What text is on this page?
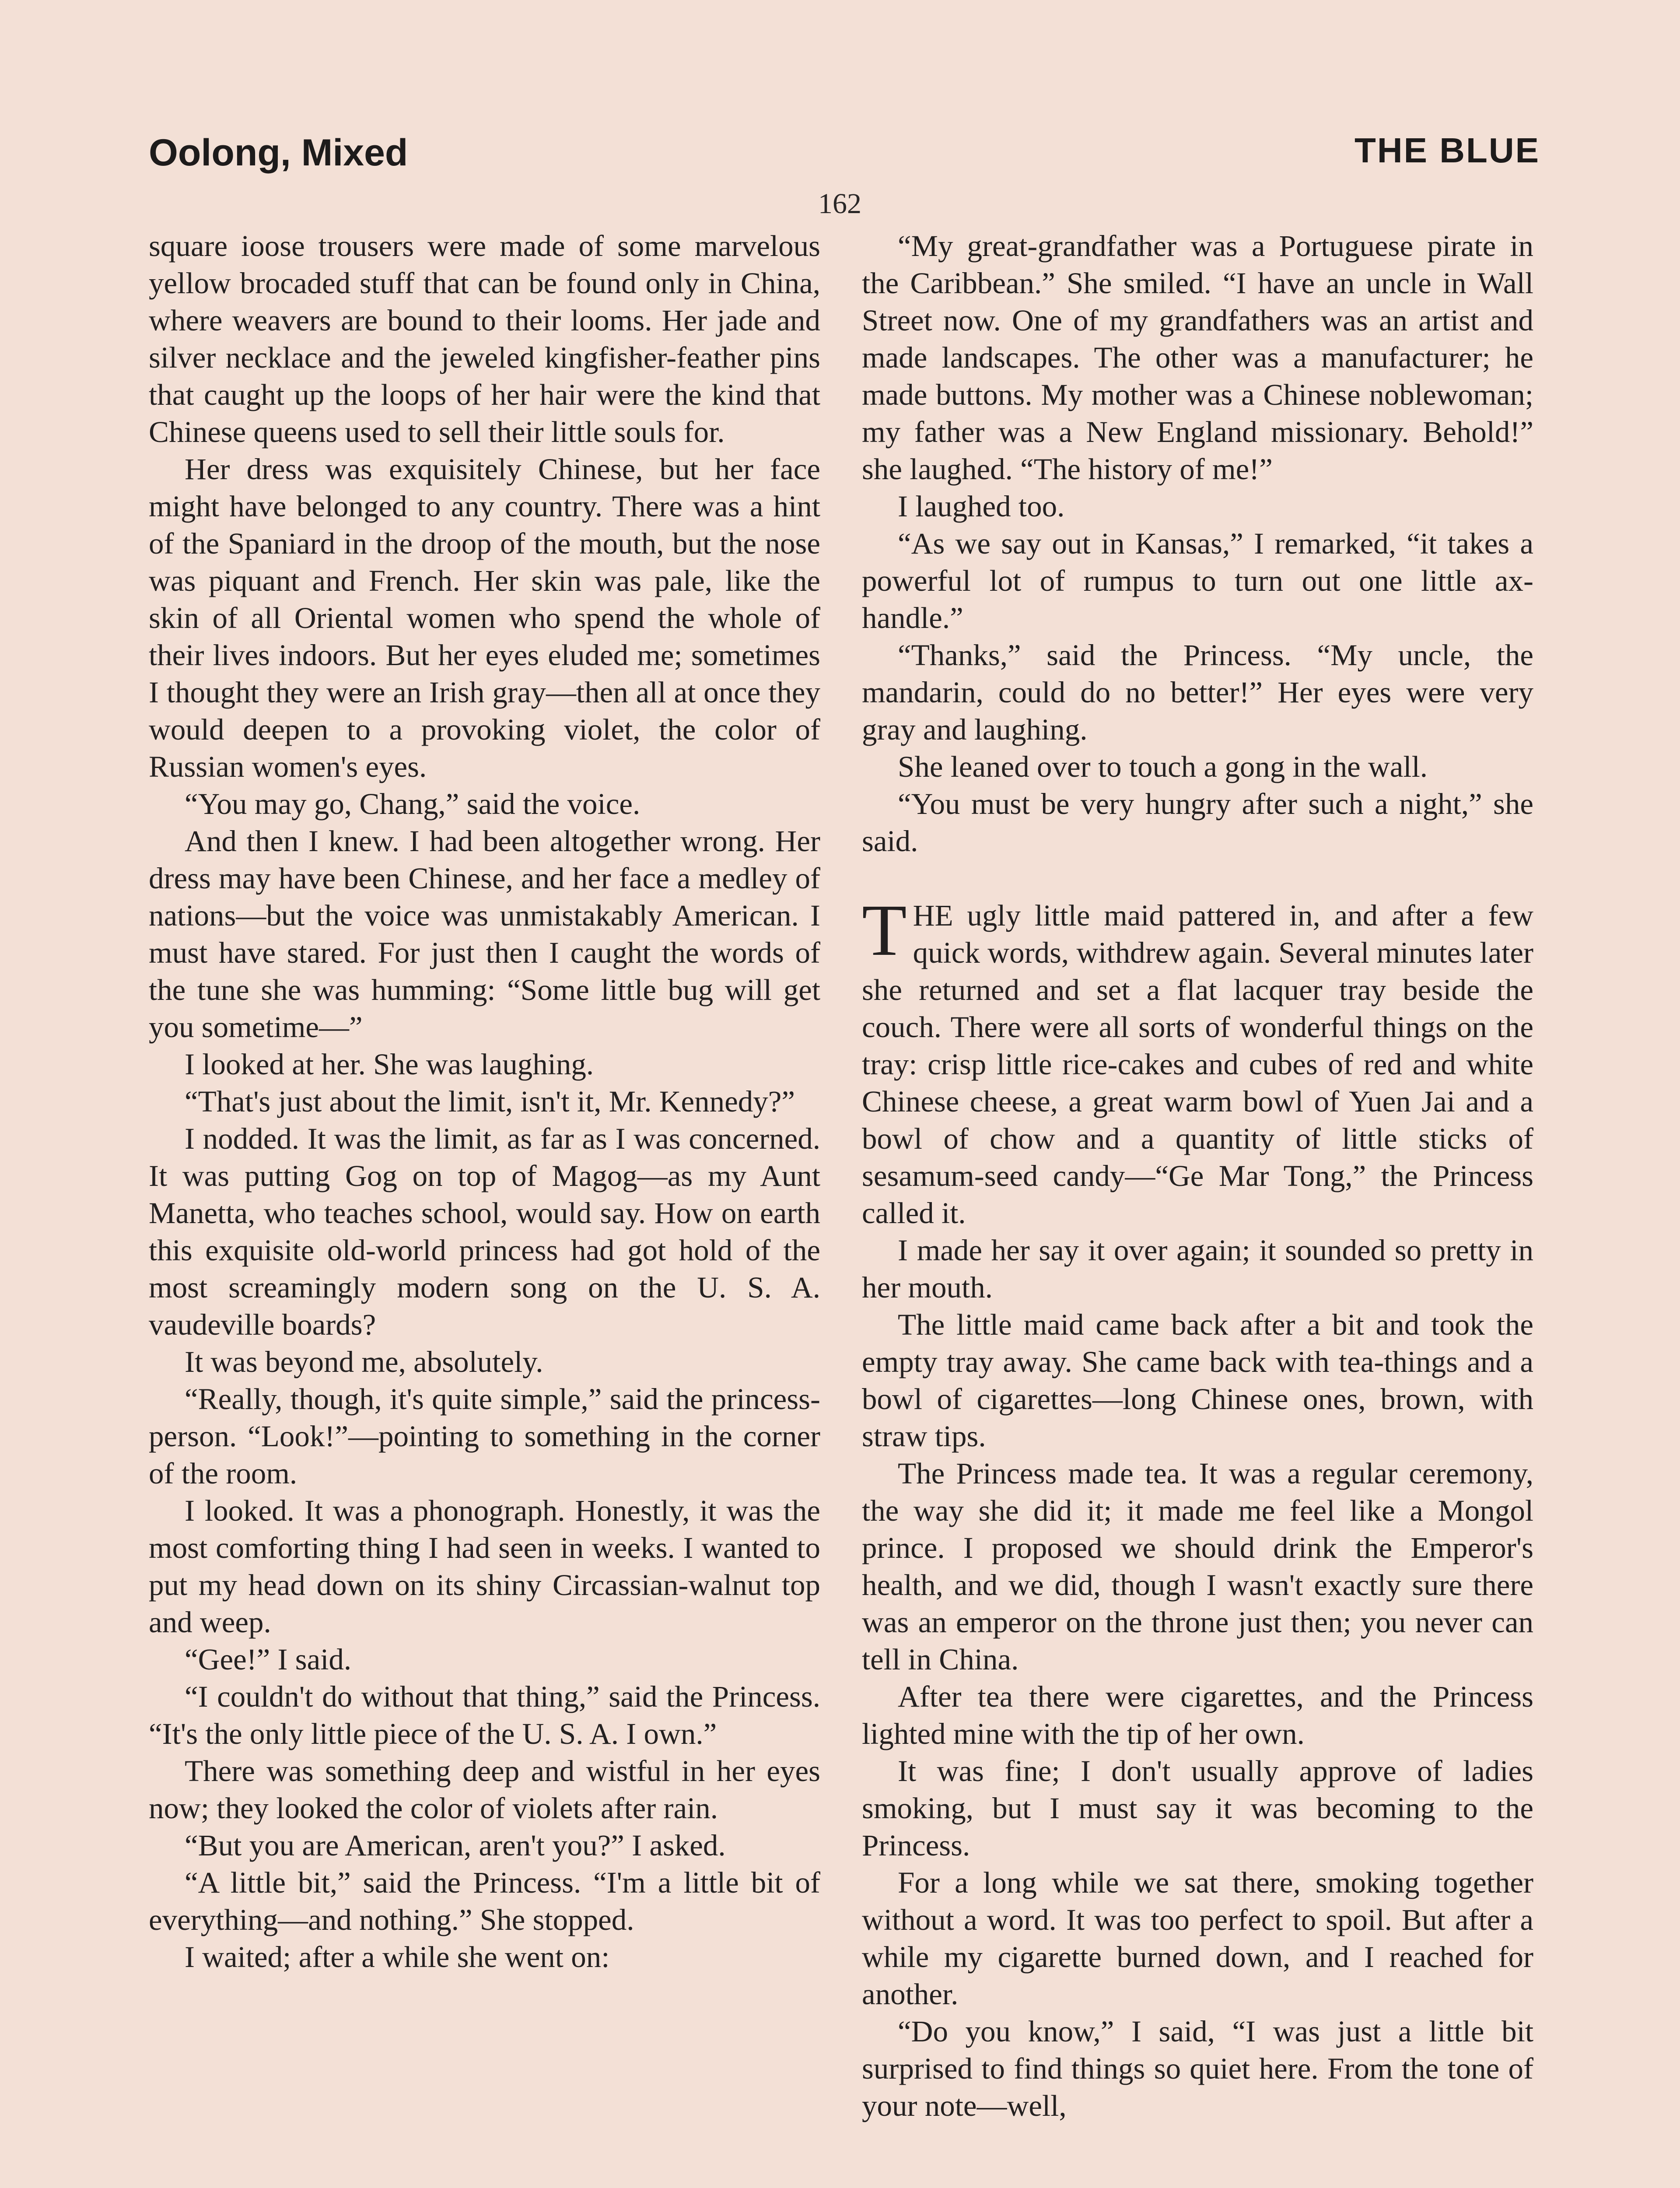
Oolong, Mixed	THE BLUE
162

square ioose trousers were made of some marvelous yellow brocaded stuff that can be found only in China, where weavers are bound to their looms. Her jade and silver necklace and the jeweled kingfisher-feather pins that caught up the loops of her hair were the kind that Chinese queens used to sell their little souls for.

Her dress was exquisitely Chinese, but her face might have belonged to any country. There was a hint of the Spaniard in the droop of the mouth, but the nose was piquant and French. Her skin was pale, like the skin of all Oriental women who spend the whole of their lives indoors. But her eyes eluded me; sometimes I thought they were an Irish gray—then all at once they would deepen to a provoking violet, the color of Russian women's eyes.

“You may go, Chang,” said the voice.

And then I knew. I had been altogether wrong. Her dress may have been Chinese, and her face a medley of nations—but the voice was unmistakably American. I must have stared. For just then I caught the words of the tune she was humming: “Some little bug will get you sometime—”

I looked at her. She was laughing.

“That's just about the limit, isn't it, Mr. Kennedy?”

I nodded. It was the limit, as far as I was concerned. It was putting Gog on top of Magog—as my Aunt Manetta, who teaches school, would say. How on earth this exquisite old-world princess had got hold of the most screamingly modern song on the U. S. A. vaudeville boards?

It was beyond me, absolutely.

“Really, though, it's quite simple,” said the princess-person. “Look!”—pointing to something in the corner of the room.

I looked. It was a phonograph. Honestly, it was the most comforting thing I had seen in weeks. I wanted to put my head down on its shiny Circassian-walnut top and weep.

“Gee!” I said.

“I couldn't do without that thing,” said the Princess. “It's the only little piece of the U. S. A. I own.”

There was something deep and wistful in her eyes now; they looked the color of violets after rain.

“But you are American, aren't you?” I asked.

“A little bit,” said the Princess. “I'm a little bit of everything—and nothing.” She stopped.

I waited; after a while she went on:

“My great-grandfather was a Portuguese pirate in the Caribbean.” She smiled. “I have an uncle in Wall Street now. One of my grandfathers was an artist and made landscapes. The other was a manufacturer; he made buttons. My mother was a Chinese noblewoman; my father was a New England missionary. Behold!” she laughed. “The history of me!”

I laughed too.

“As we say out in Kansas,” I remarked, “it takes a powerful lot of rumpus to turn out one little ax-handle.”

“Thanks,” said the Princess. “My uncle, the mandarin, could do no better!” Her eyes were very gray and laughing.

She leaned over to touch a gong in the wall.

“You must be very hungry after such a night,” she said.

THE ugly little maid pattered in, and after a few quick words, withdrew again. Several minutes later she returned and set a flat lacquer tray beside the couch. There were all sorts of wonderful things on the tray: crisp little rice-cakes and cubes of red and white Chinese cheese, a great warm bowl of Yuen Jai and a bowl of chow and a quantity of little sticks of sesamum-seed candy—“Ge Mar Tong,” the Princess called it.

I made her say it over again; it sounded so pretty in her mouth.

The little maid came back after a bit and took the empty tray away. She came back with tea-things and a bowl of cigarettes—long Chinese ones, brown, with straw tips.

The Princess made tea. It was a regular ceremony, the way she did it; it made me feel like a Mongol prince. I proposed we should drink the Emperor's health, and we did, though I wasn't exactly sure there was an emperor on the throne just then; you never can tell in China.

After tea there were cigarettes, and the Princess lighted mine with the tip of her own.

It was fine; I don't usually approve of ladies smoking, but I must say it was becoming to the Princess.

For a long while we sat there, smoking together without a word. It was too perfect to spoil. But after a while my cigarette burned down, and I reached for another.

“Do you know,” I said, “I was just a little bit surprised to find things so quiet here. From the tone of your note—well,
